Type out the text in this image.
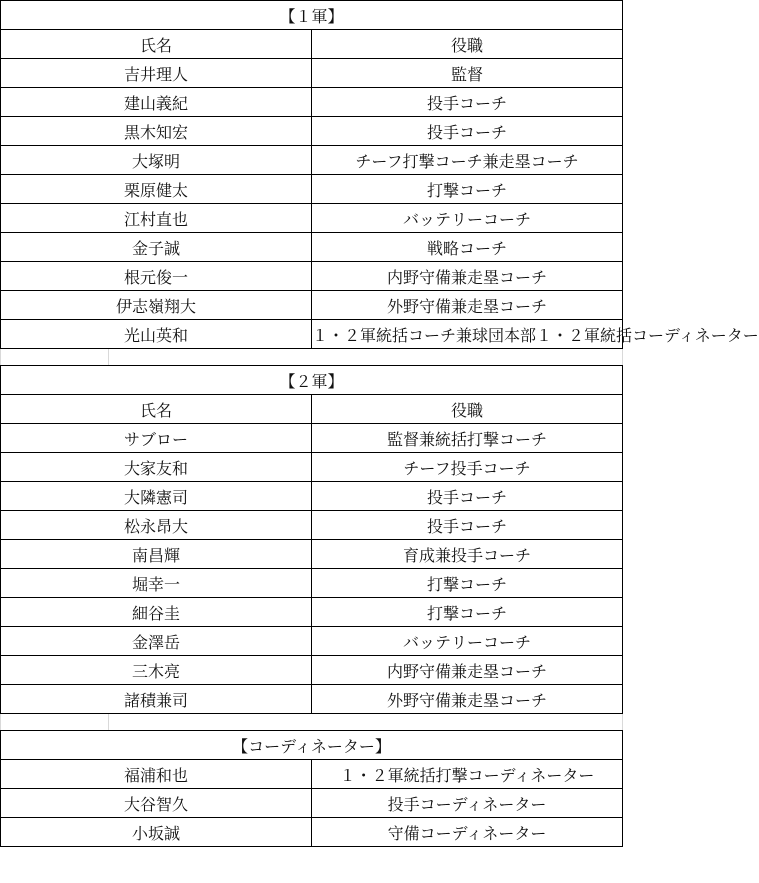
【１軍】	
氏名	役職
吉井理人	監督
建山義紀	投手コーチ
黒木知宏	投手コーチ
大塚明	チーフ打撃コーチ兼走塁コーチ
栗原健太	打撃コーチ
江村直也	バッテリーコーチ
金子誠	戦略コーチ
根元俊一	内野守備兼走塁コーチ
伊志嶺翔大	外野守備兼走塁コーチ
光山英和	１・２軍統括コーチ兼球団本部１・２軍統括コーディネーター
【２軍】	
氏名	役職
サブロー	監督兼統括打撃コーチ
大家友和	チーフ投手コーチ
大隣憲司	投手コーチ
松永昂大	投手コーチ
南昌輝	育成兼投手コーチ
堀幸一	打撃コーチ
細谷圭	打撃コーチ
金澤岳	バッテリーコーチ
三木亮	内野守備兼走塁コーチ
諸積兼司	外野守備兼走塁コーチ
【コーディネーター】	
福浦和也	１・２軍統括打撃コーディネーター
大谷智久	投手コーディネーター
小坂誠	守備コーディネーター
